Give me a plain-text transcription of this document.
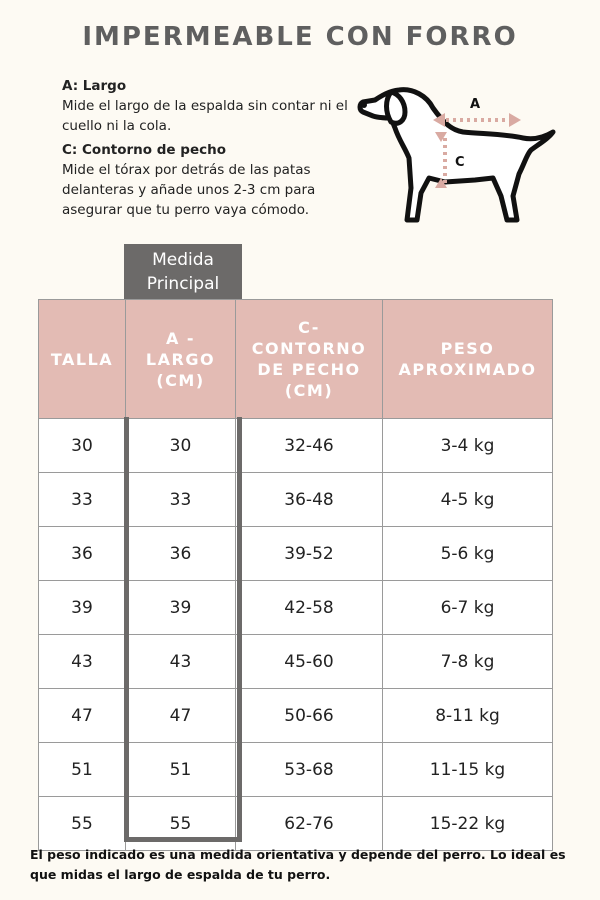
IMPERMEABLE CON FORRO
A: Largo
Mide el largo de la espalda sin contar ni el cuello ni la cola.
C: Contorno de pecho
Mide el tórax por detrás de las patas delanteras y añade unos 2-3 cm para asegurar que tu perro vaya cómodo.
A
C
Medida
Principal
TALLA	A - LARGO (CM)	C- CONTORNO DE PECHO (CM)	PESO APROXIMADO
30	30	32-46	3-4 kg
33	33	36-48	4-5 kg
36	36	39-52	5-6 kg
39	39	42-58	6-7 kg
43	43	45-60	7-8 kg
47	47	50-66	8-11 kg
51	51	53-68	11-15 kg
55	55	62-76	15-22 kg
El peso indicado es una medida orientativa y depende del perro. Lo ideal es que midas el largo de espalda de tu perro.
